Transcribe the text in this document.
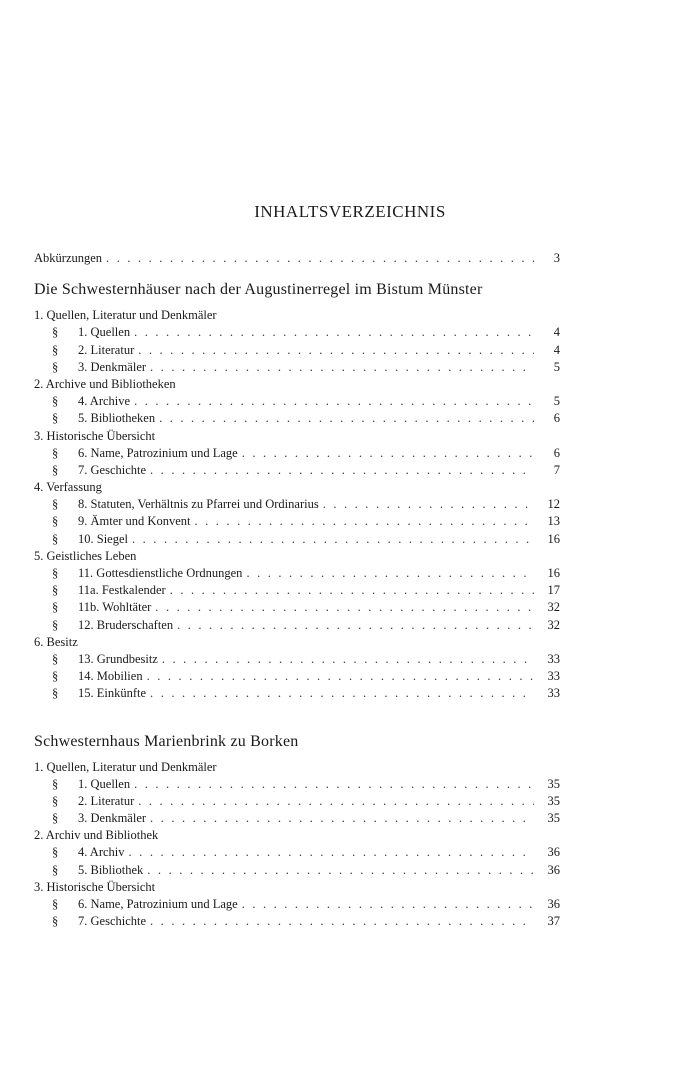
INHALTSVERZEICHNIS
Abkürzungen . . .	3
Die Schwesternhäuser nach der Augustinerregel im Bistum Münster
1. Quellen, Literatur und Denkmäler
§ 1. Quellen . . .	4
§ 2. Literatur . . .	4
§ 3. Denkmäler . . .	5
2. Archive und Bibliotheken
§ 4. Archive . . .	5
§ 5. Bibliotheken . . .	6
3. Historische Übersicht
§ 6. Name, Patrozinium und Lage . . .	6
§ 7. Geschichte . . .	7
4. Verfassung
§ 8. Statuten, Verhältnis zu Pfarrei und Ordinarius . . .	12
§ 9. Ämter und Konvent . . .	13
§ 10. Siegel . . .	16
5. Geistliches Leben
§ 11. Gottesdienstliche Ordnungen . . .	16
§ 11a. Festkalender . . .	17
§ 11b. Wohltäter . . .	32
§ 12. Bruderschaften . . .	32
6. Besitz
§ 13. Grundbesitz . . .	33
§ 14. Mobilien . . .	33
§ 15. Einkünfte . . .	33
Schwesternhaus Marienbrink zu Borken
1. Quellen, Literatur und Denkmäler
§ 1. Quellen . . .	35
§ 2. Literatur . . .	35
§ 3. Denkmäler . . .	35
2. Archiv und Bibliothek
§ 4. Archiv . . .	36
§ 5. Bibliothek . . .	36
3. Historische Übersicht
§ 6. Name, Patrozinium und Lage . . .	36
§ 7. Geschichte . . .	37
